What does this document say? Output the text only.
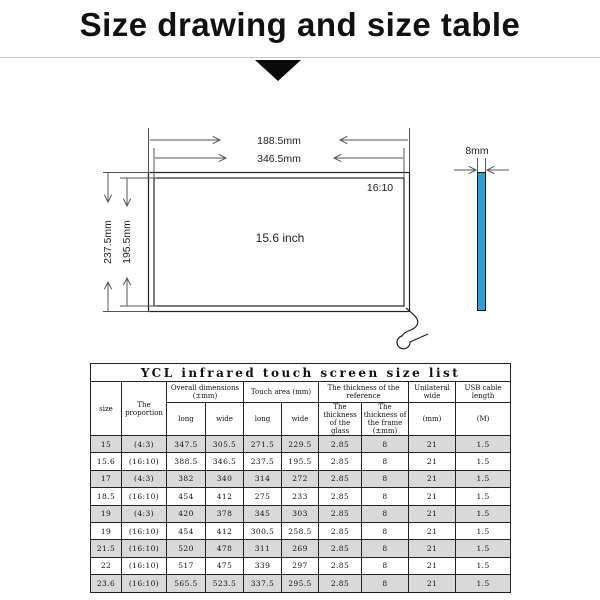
Size drawing and size table
188.5mm
346.5mm
237.5mm 195.5mm
16:10
15.6 inch
8mm
YCL infrared touch screen size list									
size	The proportion	Overall dimensions (±mm)		Touch area (mm)		The thickness of the reference		Unilateral wide	USB cable length
		long	wide	long	wide	The thickness of the glass	The thickness of the frame (±mm)	(mm)	(M)
15	(4:3)	347.5	305.5	271.5	229.5	2.85	8	21	1.5
15.6	(16:10)	388.5	346.5	237.5	195.5	2.85	8	21	1.5
17	(4:3)	382	340	314	272	2.85	8	21	1.5
18.5	(16:10)	454	412	275	233	2.85	8	21	1.5
19	(4:3)	420	378	345	303	2.85	8	21	1.5
19	(16:10)	454	412	300.5	258.5	2.85	8	21	1.5
21.5	(16:10)	520	478	311	269	2.85	8	21	1.5
22	(16:10)	517	475	339	297	2.85	8	21	1.5
23.6	(16:10)	565.5	523.5	337.5	295.5	2.85	8	21	1.5
